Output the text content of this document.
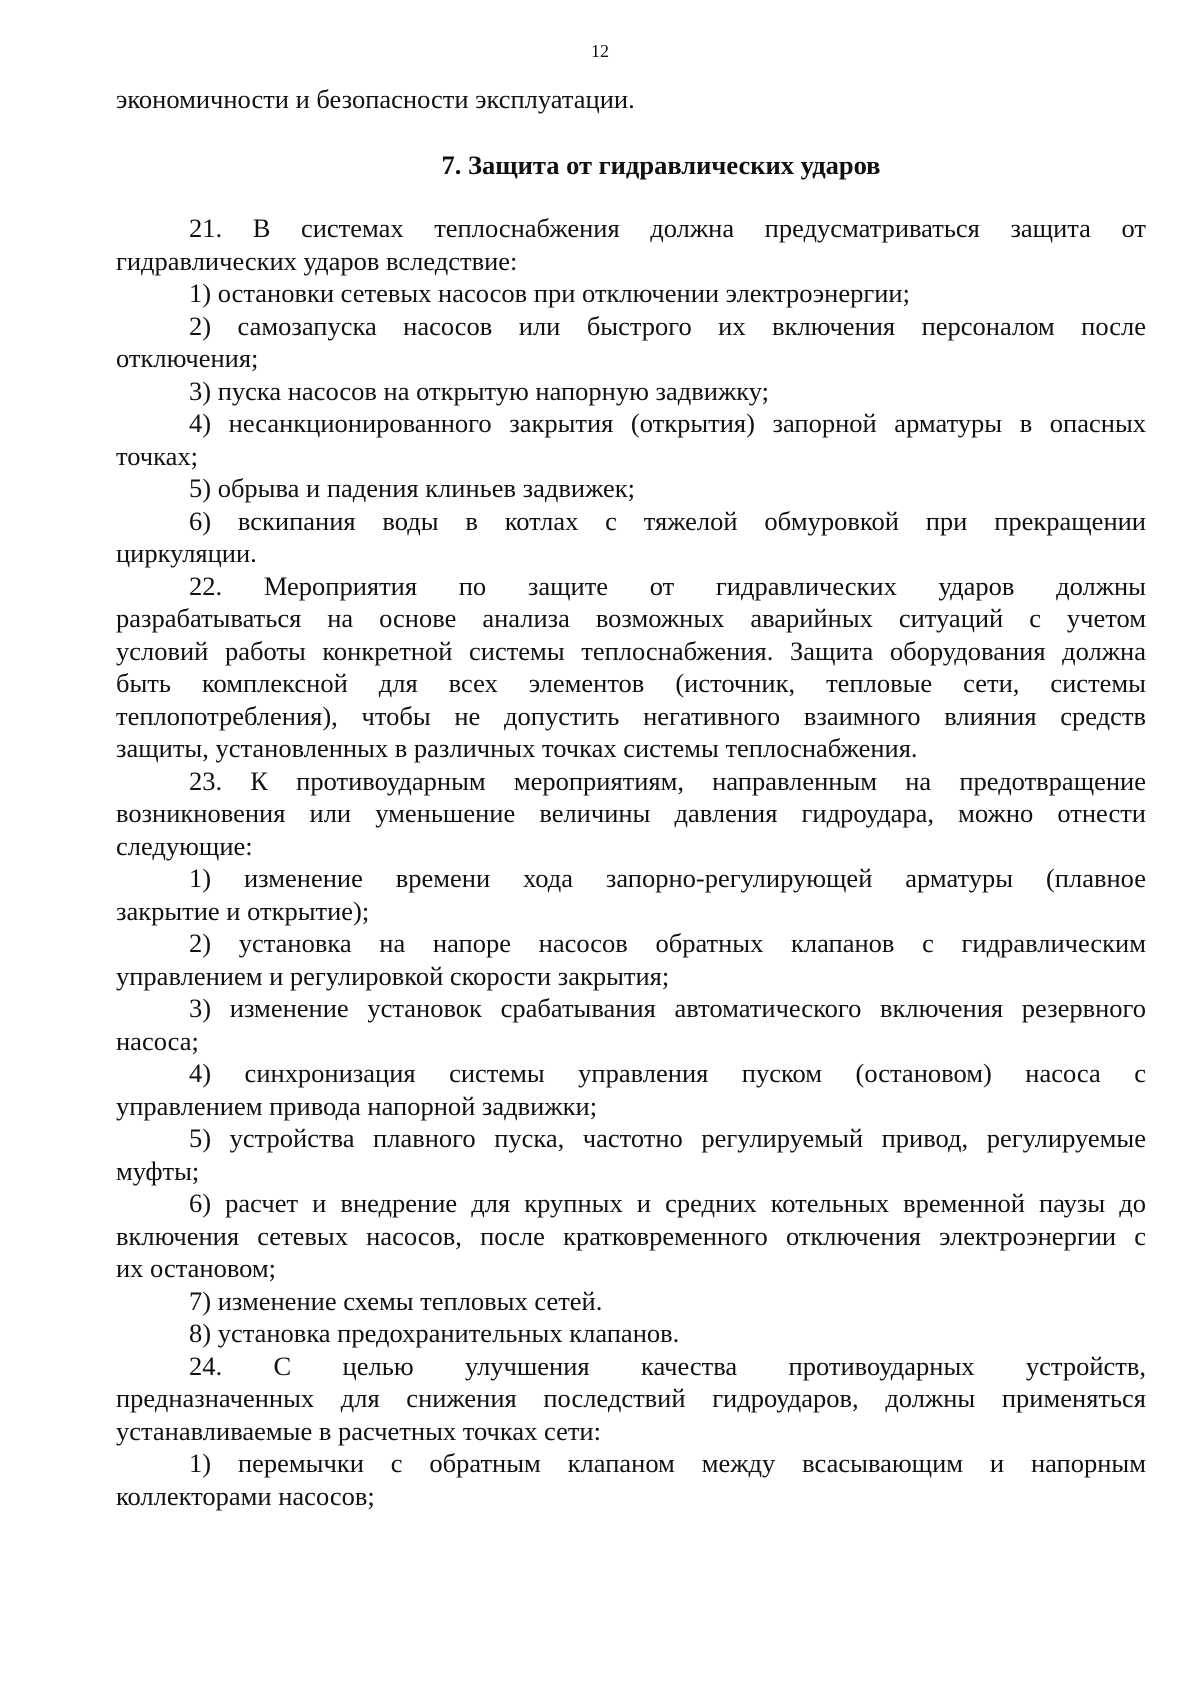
12
экономичности и безопасности эксплуатации.
7. Защита от гидравлических ударов
21. В системах теплоснабжения должна предусматриваться защита от
гидравлических ударов вследствие:
1) остановки сетевых насосов при отключении электроэнергии;
2) самозапуска насосов или быстрого их включения персоналом после
отключения;
3) пуска насосов на открытую напорную задвижку;
4) несанкционированного закрытия (открытия) запорной арматуры в опасных
точках;
5) обрыва и падения клиньев задвижек;
6) вскипания воды в котлах с тяжелой обмуровкой при прекращении
циркуляции.
22. Мероприятия по защите от гидравлических ударов должны
разрабатываться на основе анализа возможных аварийных ситуаций с учетом
условий работы конкретной системы теплоснабжения. Защита оборудования должна
быть комплексной для всех элементов (источник, тепловые сети, системы
теплопотребления), чтобы не допустить негативного взаимного влияния средств
защиты, установленных в различных точках системы теплоснабжения.
23. К противоударным мероприятиям, направленным на предотвращение
возникновения или уменьшение величины давления гидроудара, можно отнести
следующие:
1) изменение времени хода запорно-регулирующей арматуры (плавное
закрытие и открытие);
2) установка на напоре насосов обратных клапанов с гидравлическим
управлением и регулировкой скорости закрытия;
3) изменение установок срабатывания автоматического включения резервного
насоса;
4) синхронизация системы управления пуском (остановом) насоса с
управлением привода напорной задвижки;
5) устройства плавного пуска, частотно регулируемый привод, регулируемые
муфты;
6) расчет и внедрение для крупных и средних котельных временной паузы до
включения сетевых насосов, после кратковременного отключения электроэнергии с
их остановом;
7) изменение схемы тепловых сетей.
8) установка предохранительных клапанов.
24. С целью улучшения качества противоударных устройств,
предназначенных для снижения последствий гидроударов, должны применяться
устанавливаемые в расчетных точках сети:
1) перемычки с обратным клапаном между всасывающим и напорным
коллекторами насосов;
